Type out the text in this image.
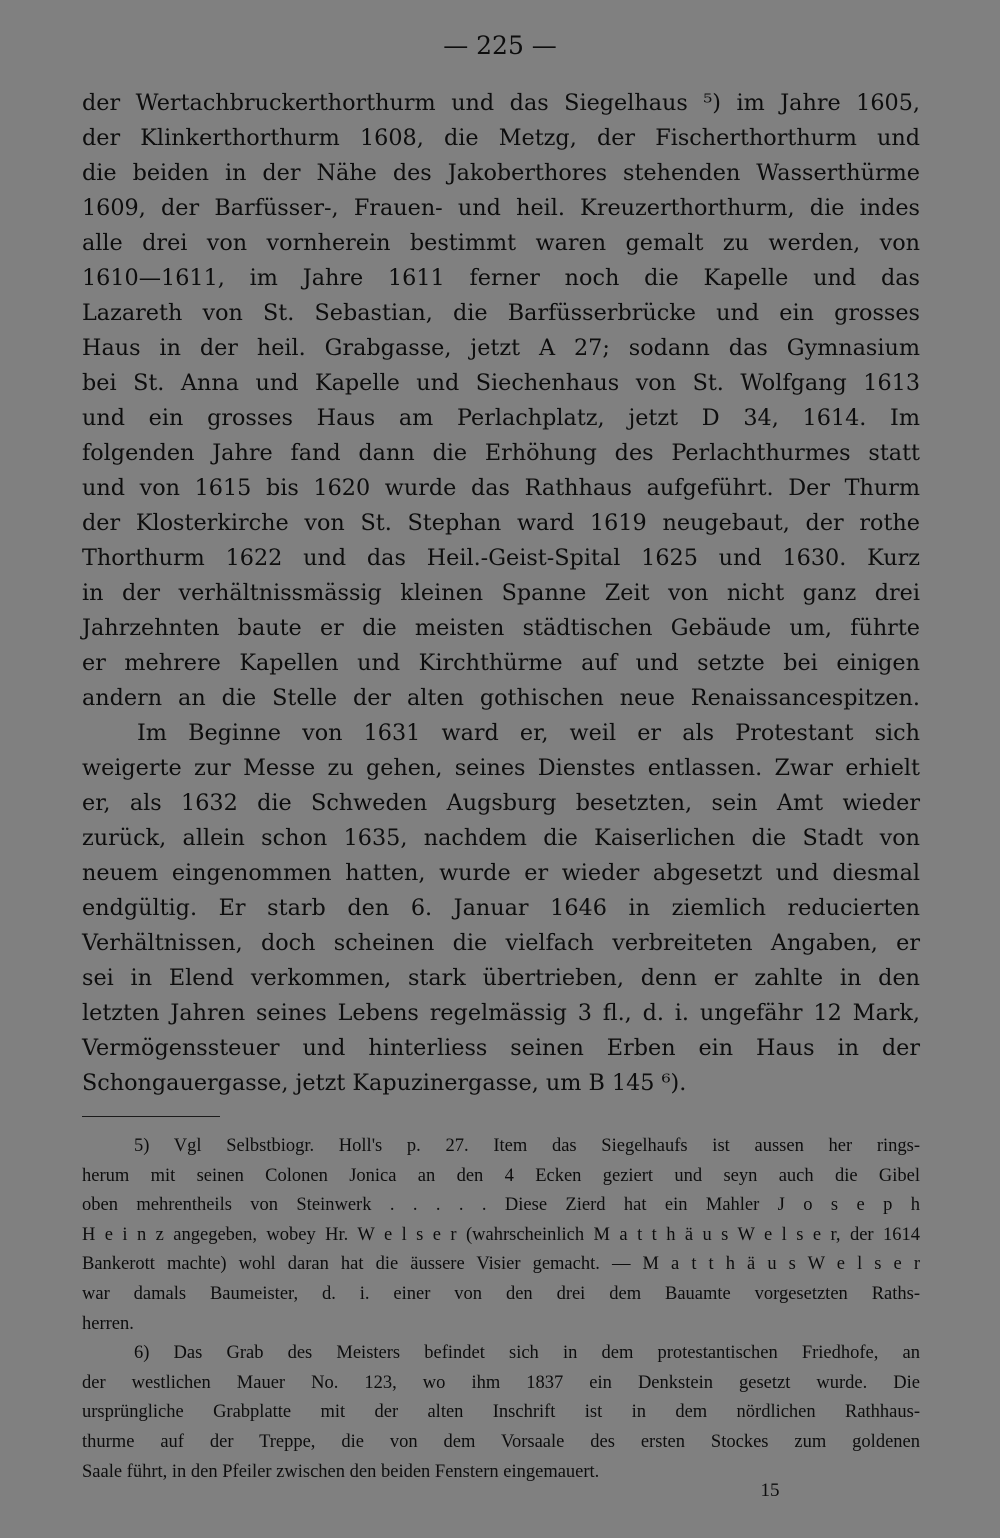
— 225 —
der Wertachbruckerthorthurm und das Siegelhaus ⁵) im Jahre 1605,
der Klinkerthorthurm 1608, die Metzg, der Fischerthorthurm und
die beiden in der Nähe des Jakoberthores stehenden Wasserthürme
1609, der Barfüsser-, Frauen- und heil. Kreuzerthorthurm, die indes
alle drei von vornherein bestimmt waren gemalt zu werden, von
1610—1611, im Jahre 1611 ferner noch die Kapelle und das
Lazareth von St. Sebastian, die Barfüsserbrücke und ein grosses
Haus in der heil. Grabgasse, jetzt A 27; sodann das Gymnasium
bei St. Anna und Kapelle und Siechenhaus von St. Wolfgang 1613
und ein grosses Haus am Perlachplatz, jetzt D 34, 1614. Im
folgenden Jahre fand dann die Erhöhung des Perlachthurmes statt
und von 1615 bis 1620 wurde das Rathhaus aufgeführt. Der Thurm
der Klosterkirche von St. Stephan ward 1619 neugebaut, der rothe
Thorthurm 1622 und das Heil.-Geist-Spital 1625 und 1630. Kurz
in der verhältnissmässig kleinen Spanne Zeit von nicht ganz drei
Jahrzehnten baute er die meisten städtischen Gebäude um, führte
er mehrere Kapellen und Kirchthürme auf und setzte bei einigen
andern an die Stelle der alten gothischen neue Renaissancespitzen.
Im Beginne von 1631 ward er, weil er als Protestant sich
weigerte zur Messe zu gehen, seines Dienstes entlassen. Zwar erhielt
er, als 1632 die Schweden Augsburg besetzten, sein Amt wieder
zurück, allein schon 1635, nachdem die Kaiserlichen die Stadt von
neuem eingenommen hatten, wurde er wieder abgesetzt und diesmal
endgültig. Er starb den 6. Januar 1646 in ziemlich reducierten
Verhältnissen, doch scheinen die vielfach verbreiteten Angaben, er
sei in Elend verkommen, stark übertrieben, denn er zahlte in den
letzten Jahren seines Lebens regelmässig 3 fl., d. i. ungefähr 12 Mark,
Vermögenssteuer und hinterliess seinen Erben ein Haus in der
Schongauergasse, jetzt Kapuzinergasse, um B 145 ⁶).
5) Vgl Selbstbiogr. Holl's p. 27. Item das Siegelhaufs ist aussen her rings-
herum mit seinen Colonen Jonica an den 4 Ecken geziert und seyn auch die Gibel
oben mehrentheils von Steinwerk . . . . . Diese Zierd hat ein Mahler J o s e p h
H e i n z angegeben, wobey Hr. W e l s e r (wahrscheinlich M a t t h ä u s W e l s e r, der 1614
Bankerott machte) wohl daran hat die äussere Visier gemacht. — M a t t h ä u s W e l s e r
war damals Baumeister, d. i. einer von den drei dem Bauamte vorgesetzten Raths-
herren.
6) Das Grab des Meisters befindet sich in dem protestantischen Friedhofe, an
der westlichen Mauer No. 123, wo ihm 1837 ein Denkstein gesetzt wurde. Die
ursprüngliche Grabplatte mit der alten Inschrift ist in dem nördlichen Rathhaus-
thurme auf der Treppe, die von dem Vorsaale des ersten Stockes zum goldenen
Saale führt, in den Pfeiler zwischen den beiden Fenstern eingemauert.
15
